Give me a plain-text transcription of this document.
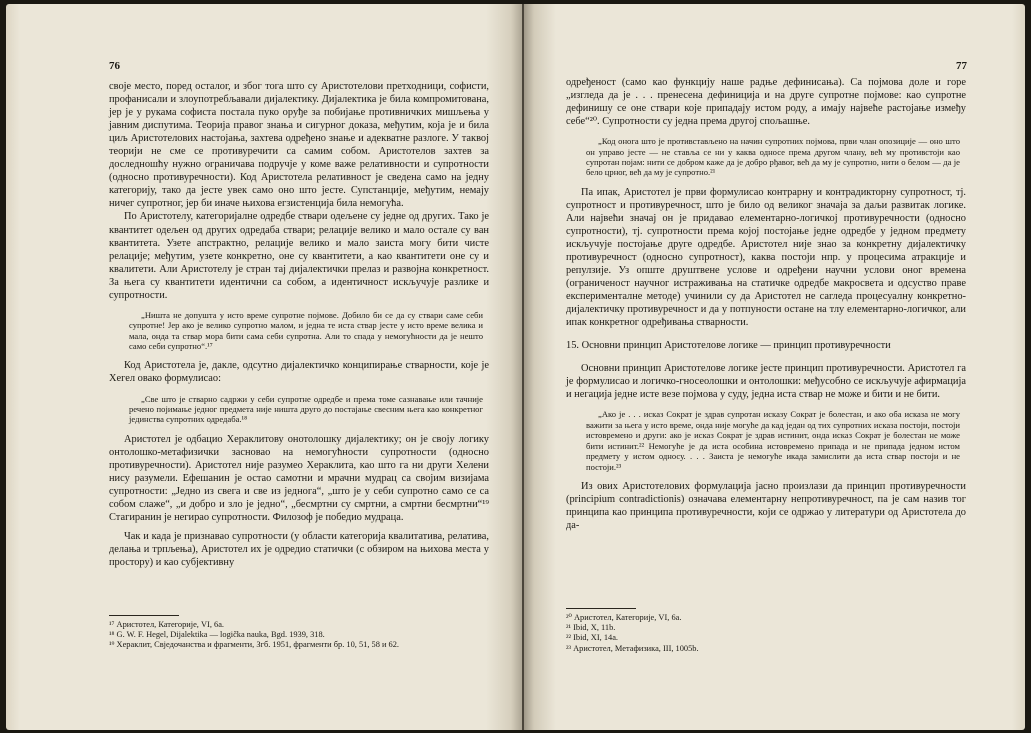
76

своје место, поред осталог, и због тога што су Аристотелови претходници, софисти, профанисали и злоупотребљавали дијалектику. Дијалектика је била компромитована, јер је у рукама софиста постала пуко оруђе за побијање противничких мишљења у јавним диспутима. Теорија правог знања и сигурног доказа, међутим, која је и била циљ Аристотелових настојања, захтева одређено знање и адекватне разлоге. У таквој теорији не сме се противуречити са самим собом. Аристотелов захтев за доследношћу нужно ограничава подручје у коме важе релативности и супротности (односно противуречности). Код Аристотела релативност је сведена само на једну категорију, тако да јесте увек само оно што јесте. Супстанције, међутим, немају ничег супротног, јер би иначе њихова егзистенција била немогућа.

По Аристотелу, категоријалне одредбе ствари одељене су једне од других. Тако је квантитет одељен од других одредаба ствари; релације велико и мало остале су ван квантитета. Узете апстрактно, релације велико и мало заиста могу бити чисте релације; међутим, узете конкретно, оне су квантитети, а као квантитети оне су и квалитети. Али Аристотелу је стран тај дијалектички прелаз и развојна конкретност. За њега су квантитети идентични са собом, а идентичност искључује разлике и супротности.

„Ништа не допушта у исто време супротне појмове. Добило би се да су ствари саме себи супротне! Јер ако је велико супротно малом, и једна те иста ствар јесте у исто време велика и мала, онда та ствар мора бити сама себи супротна. Али то спада у немогућности да је нешто само себи супротно“.¹⁷

Код Аристотела је, дакле, одсутно дијалектичко конципирање стварности, које је Хегел овако формулисао:

„Све што је стварно садржи у себи супротне одредбе и према томе сазнавање или тачније речено појимање једног предмета није ништа друго до постајање свесним њега као конкретног јединства супротних одредаба.¹⁸

Аристотел је одбацио Хераклитову онотолошку дијалектику; он је своју логику онтолошко-метафизички засновао на немогућности супротности (односно противуречности). Аристотел није разумео Хераклита, као што га ни други Хелени нису разумели. Ефешанин је остао самотни и мрачни мудрац са својим визијама супротности: „Једно из свега и све из једнога“, „што је у себи супротно само се са собом слаже“, „и добро и зло је једно“, „бесмртни су смртни, а смртни бесмртни“¹⁹ Стагиранин је негирао супротности. Филозоф је победио мудраца.

Чак и када је признавао супротности (у области категорија квалитатива, релатива, делања и трпљења), Аристотел их је одредио статички (с обзиром на њихова места у простору) и као субјективну

¹⁷ Аристотел, Категорије, VI, 6а.

¹⁸ G. W. F. Hegel, Dijalektika — logička nauka, Bgd. 1939, 318.

¹⁹ Хераклит, Свједочанства и фрагменти, Згб. 1951, фрагменти бр. 10, 51, 58 и 62.

77

одређеност (само као функцију наше радње дефинисања). Са појмова доле и горе „изгледа да је . . . пренесена дефиниција и на друге супротне појмове: као супротне дефинишу се оне ствари које припадају истом роду, а имају највеће растојање између себе“²⁰. Супротности су једна према другој спољашње.

„Код онога што је противстављено на начин супротних појмова, први члан опозиције — оно што он управо јесте — не ставља се ни у каква односе према другом члану, већ му противстоји као супротан појам: нити се добром каже да је добро рђавог, већ да му је супротно, нити о белом — да је бело црног, већ да му је супротно.²¹

Па ипак, Аристотел је први формулисао контрарну и контрадикторну супротност, тј. супротност и противуречност, што је било од великог значаја за даљи развитак логике. Али највећи значај он је придавао елементарно-логичкој противуречности (односно супротности), тј. супротности према којој постојање једне одредбе у једном предмету искључује постојање друге одредбе. Аристотел није знао за конкретну дијалектичку противуречност (односно супротност), каква постоји нпр. у процесима атракције и репулзије. Уз опште друштвене услове и одређени научни услови оног времена (ограниченост научног истраживања на статичке одредбе макросвета и одсуство праве експерименталне методе) учинили су да Аристотел не сагледа процесуалну конкретно-дијалектичку противуречност и да у потпуности остане на тлу елементарно-логичког, али ипак конкретног одређивања стварности.

15. Основни принцип Аристотелове логике — принцип противуречности

Основни принцип Аристотелове логике јесте принцип противуречности. Аристотел га је формулисао и логичко-гносеолошки и онтолошки: међусобно се искључује афирмација и негација једне исте везе појмова у суду, једна иста ствар не може и бити и не бити.

„Ако је . . . исказ Сократ је здрав супротан исказу Сократ је болестан, и ако оба исказа не могу важити за њега у исто време, онда није могуће да кад један од тих супротних исказа постоји, постоји истовремено и други: ако је исказ Сократ је здрав истинит, онда исказ Сократ је болестан не може бити истинит.²² Немогуће је да иста особина истовремено припада и не припада једном истом предмету у истом односу. . . . Заиста је немогуће икада замислити да иста ствар постоји и не постоји.²³

Из ових Аристотелових формулација јасно произлази да принцип противуречности (principium contradictionis) означава елементарну непротивуречност, па је сам назив тог принципа као принципа противуречности, који се одржао у литератури од Аристотела до да-

²⁰ Аристотел, Категорије, VI, 6а.

²¹ Ibid, X, 11b.

²² Ibid, XI, 14a.

²³ Аристотел, Метафизика, III, 1005b.
